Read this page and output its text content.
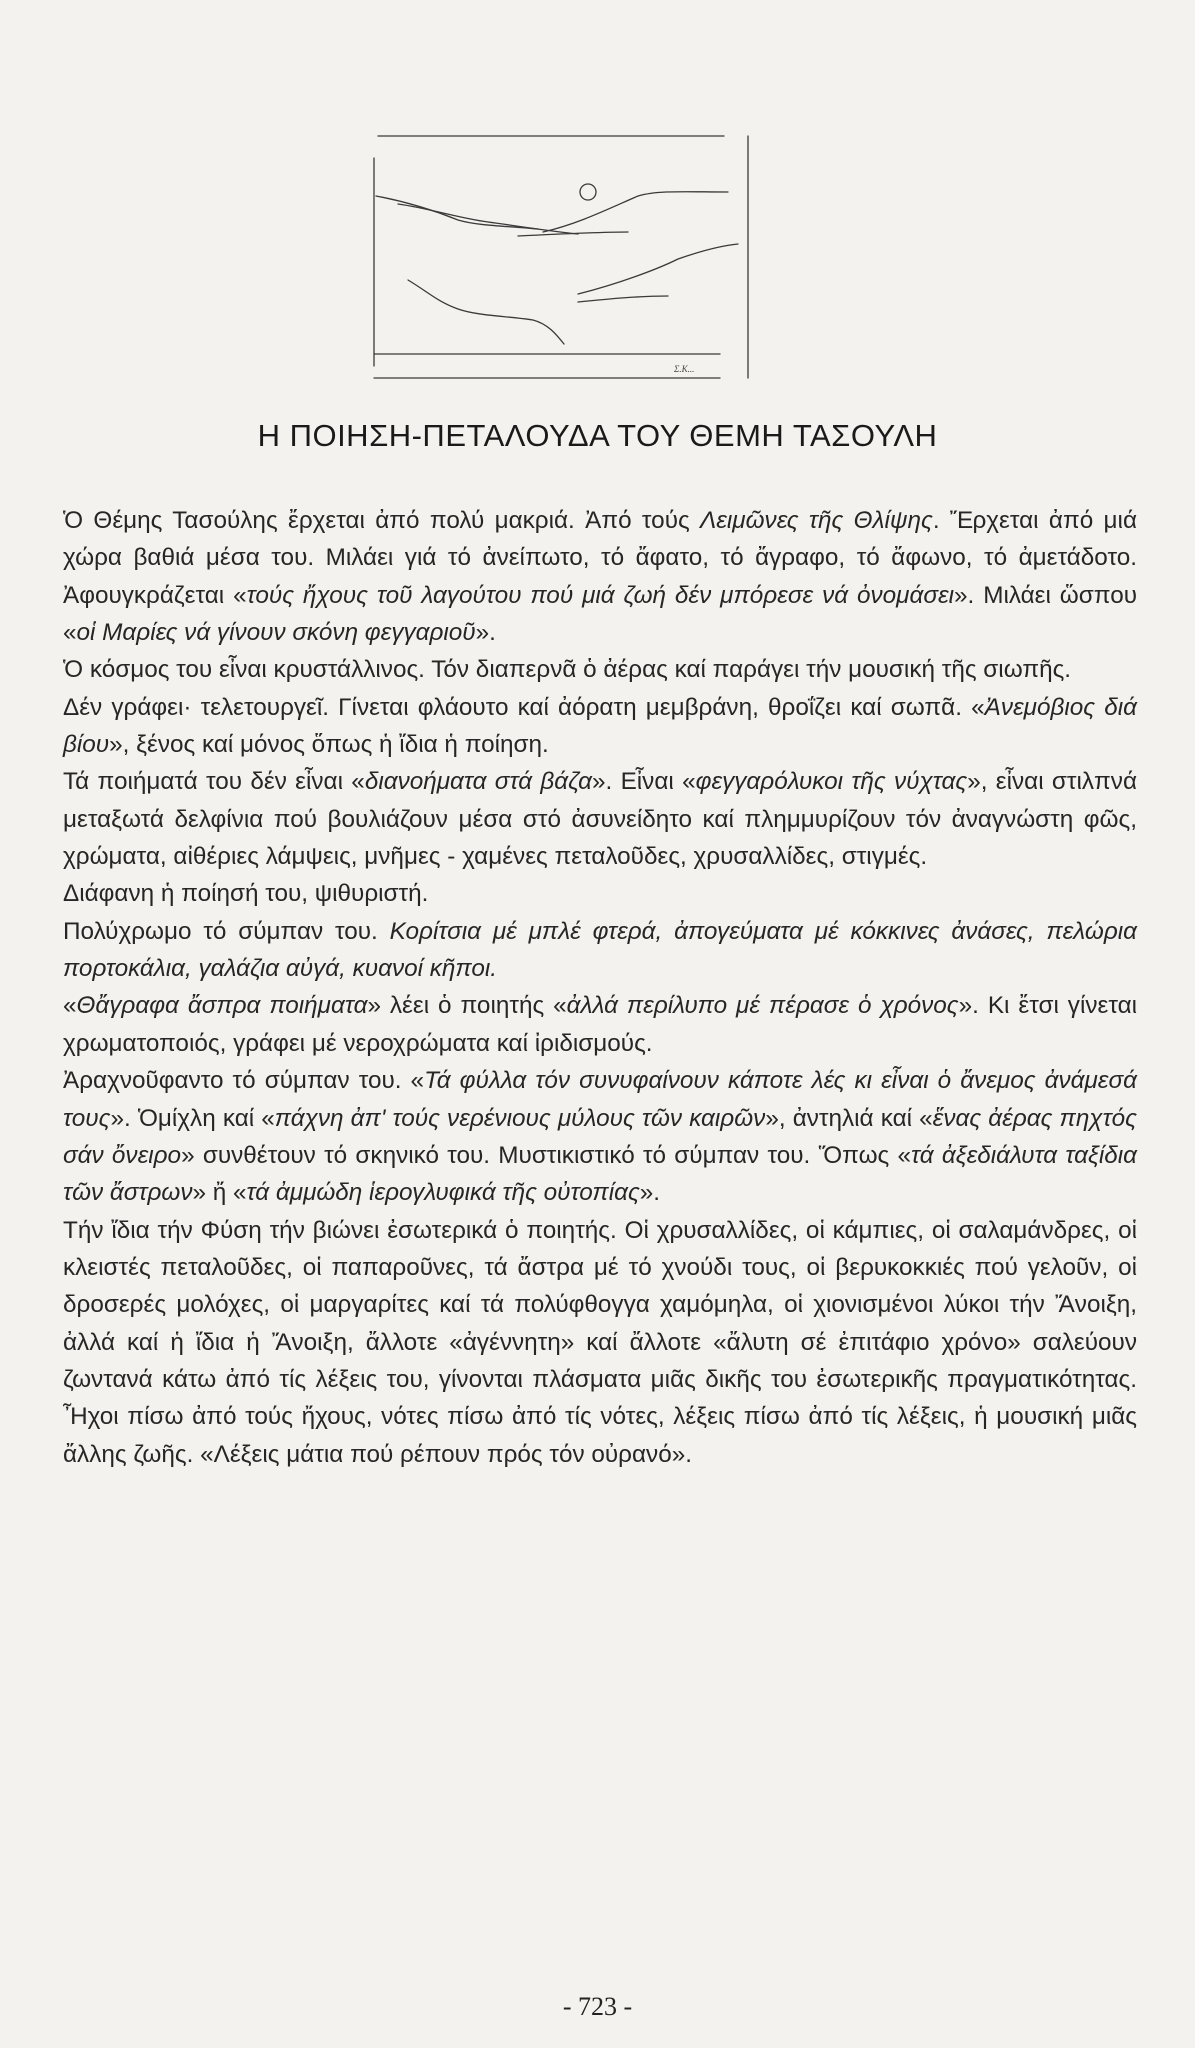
Σ.Κ...
Η ΠΟΙΗΣΗ-ΠΕΤΑΛΟΥΔΑ ΤΟΥ ΘΕΜΗ ΤΑΣΟΥΛΗ

Ὁ Θέμης Τασούλης ἔρχεται ἀπό πολύ μακριά. Ἀπό τούς Λειμῶνες τῆς Θλίψης. Ἔρχεται ἀπό μιά χώρα βαθιά μέσα του. Μιλάει γιά τό ἀνείπωτο, τό ἄφατο, τό ἄγραφο, τό ἄφωνο, τό ἀμετάδοτο. Ἀφουγκράζεται «τούς ἤχους τοῦ λαγούτου πού μιά ζωή δέν μπόρεσε νά ὀνομάσει». Μιλάει ὥσπου «οἱ Μαρίες νά γίνουν σκόνη φεγγαριοῦ».

Ὁ κόσμος του εἶναι κρυστάλλινος. Τόν διαπερνᾶ ὁ ἀέρας καί παράγει τήν μουσική τῆς σιωπῆς.

Δέν γράφει· τελετουργεῖ. Γίνεται φλάουτο καί ἀόρατη μεμβράνη, θροΐζει καί σωπᾶ. «Ἀνεμόβιος διά βίου», ξένος καί μόνος ὅπως ἡ ἴδια ἡ ποίηση.

Τά ποιήματά του δέν εἶναι «διανοήματα στά βάζα». Εἶναι «φεγγαρόλυκοι τῆς νύχτας», εἶναι στιλπνά μεταξωτά δελφίνια πού βουλιάζουν μέσα στό ἀσυνείδητο καί πλημμυρίζουν τόν ἀναγνώστη φῶς, χρώματα, αἰθέριες λάμψεις, μνῆμες - χαμένες πεταλοῦδες, χρυσαλλίδες, στιγμές.

Διάφανη ἡ ποίησή του, ψιθυριστή.

Πολύχρωμο τό σύμπαν του. Κορίτσια μέ μπλέ φτερά, ἀπογεύματα μέ κόκκινες ἀνάσες, πελώρια πορτοκάλια, γαλάζια αὐγά, κυανοί κῆποι.

«Θἄγραφα ἄσπρα ποιήματα» λέει ὁ ποιητής «ἀλλά περίλυπο μέ πέρασε ὁ χρόνος». Κι ἔτσι γίνεται χρωματοποιός, γράφει μέ νεροχρώματα καί ἰριδισμούς.

Ἀραχνοῦφαντο τό σύμπαν του. «Τά φύλλα τόν συνυφαίνουν κάποτε λές κι εἶναι ὁ ἄνεμος ἀνάμεσά τους». Ὁμίχλη καί «πάχνη ἀπ' τούς νερένιους μύλους τῶν καιρῶν», ἀντηλιά καί «ἕνας ἀέρας πηχτός σάν ὄνειρο» συνθέτουν τό σκηνικό του. Μυστικιστικό τό σύμπαν του. Ὅπως «τά ἀξεδιάλυτα ταξίδια τῶν ἄστρων» ἤ «τά ἀμμώδη ἱερογλυφικά τῆς οὐτοπίας».

Τήν ἴδια τήν Φύση τήν βιώνει ἐσωτερικά ὁ ποιητής. Οἱ χρυσαλλίδες, οἱ κάμπιες, οἱ σαλαμάνδρες, οἱ κλειστές πεταλοῦδες, οἱ παπαροῦνες, τά ἄστρα μέ τό χνούδι τους, οἱ βερυκοκκιές πού γελοῦν, οἱ δροσερές μολόχες, οἱ μαργαρίτες καί τά πολύφθογγα χαμόμηλα, οἱ χιονισμένοι λύκοι τήν Ἄνοιξη, ἀλλά καί ἡ ἴδια ἡ Ἄνοιξη, ἄλλοτε «ἀγέννητη» καί ἄλλοτε «ἄλυτη σέ ἐπιτάφιο χρόνο» σαλεύουν ζωντανά κάτω ἀπό τίς λέξεις του, γίνονται πλάσματα μιᾶς δικῆς του ἐσωτερικῆς πραγματικότητας. Ἦχοι πίσω ἀπό τούς ἤχους, νότες πίσω ἀπό τίς νότες, λέξεις πίσω ἀπό τίς λέξεις, ἡ μουσική μιᾶς ἄλλης ζωῆς. «Λέξεις μάτια πού ρέπουν πρός τόν οὐρανό».

- 723 -
